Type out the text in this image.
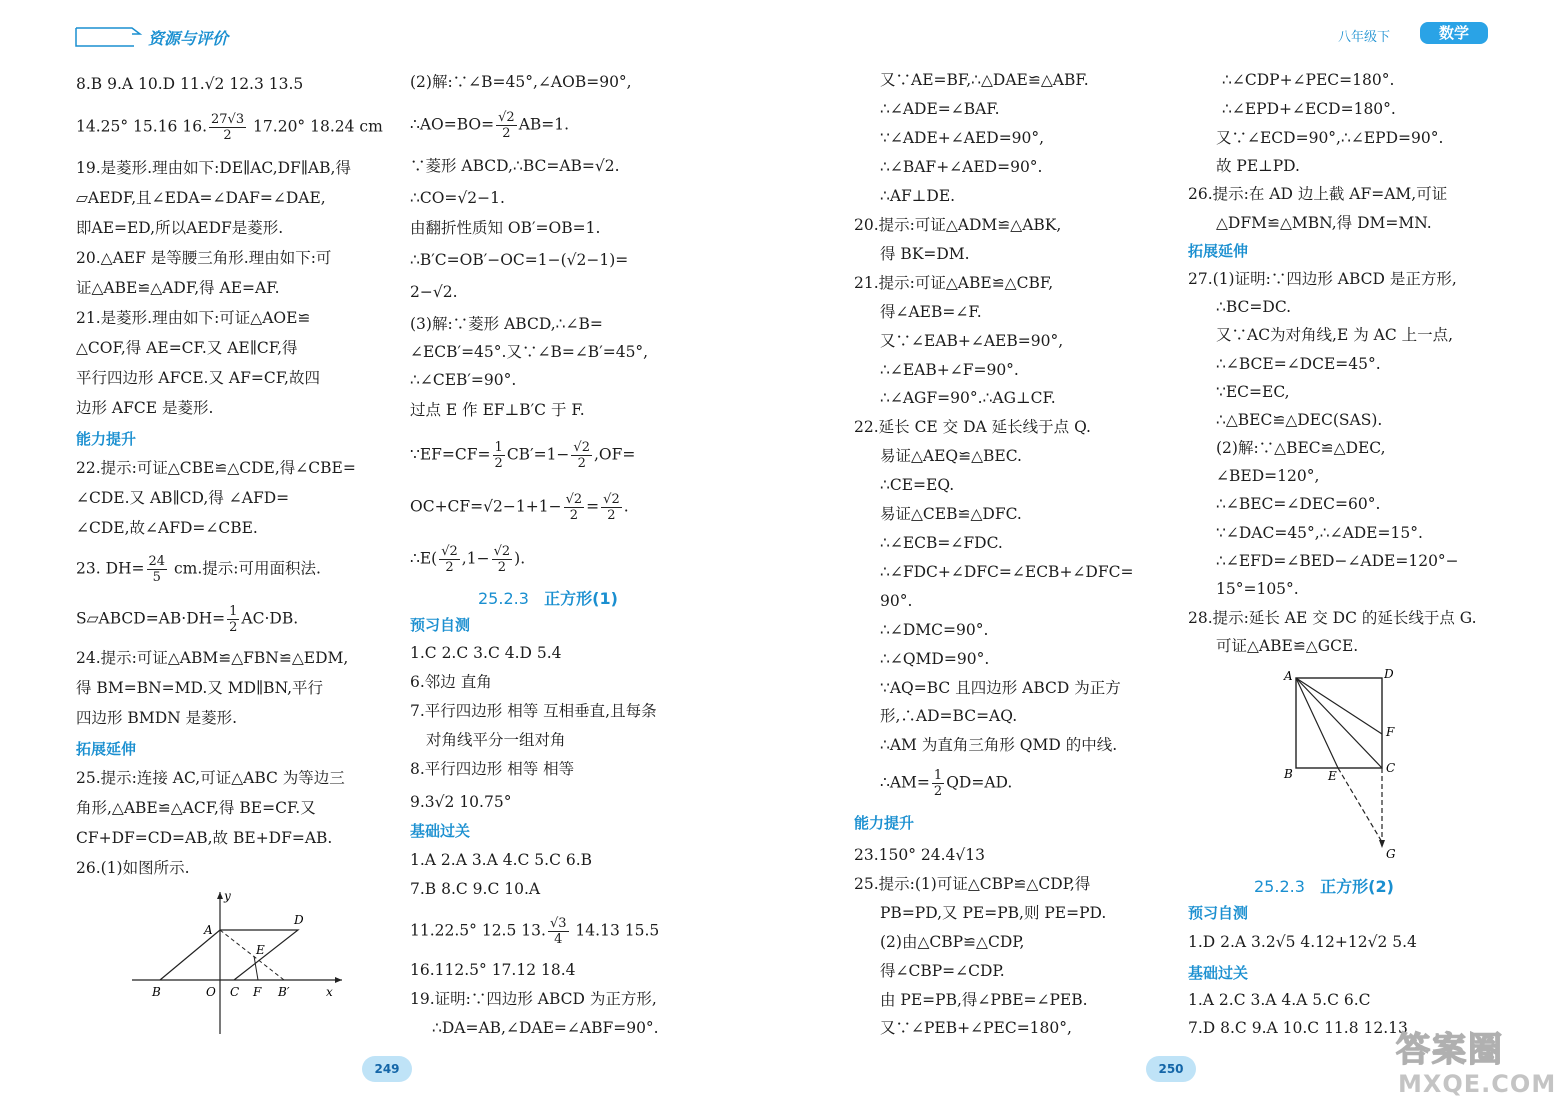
资源与评价	八年级下	数学
8.B 9.A 10.D 11.√2 12.3 13.5
14.25° 15.16 16. $\frac{27√3}{2} 17.20^\circ$ 18.24 cm
19.是菱形.理由如下:DE∥AC,DF∥AB,得
▱AEDF,且∠EDA=∠DAF=∠DAE,
即AE=ED,所以AEDF是菱形.
20.△AEF 是等腰三角形.理由如下:可
证△ABE≌△ADF,得 AE=AF.
21.是菱形.理由如下:可证△AOE≌
△COF,得 AE=CF.又 AE∥CF,得
平行四边形 AFCE.又 AF=CF,故四
边形 AFCE 是菱形.
能力提升
22.提示:可证△CBE≌△CDE,得∠CBE=
∠CDE.又 AB∥CD,得 ∠AFD=
∠CDE,故∠AFD=∠CBE.
23. $DH= \frac{24}{5}$ cm.提示:可用面积法.
S▱ABCD=AB·DH= $\frac{1}{2} AC\cdot DB$.
24.提示:可证△ABM≌△FBN≌△EDM,
得 BM=BN=MD.又 MD∥BN,平行
四边形 BMDN 是菱形.
拓展延伸
25.提示:连接 AC,可证△ABC 为等边三
角形,△ABE≌△ACF,得 BE=CF.又
CF+DF=CD=AB,故 BE+DF=AB.
26.(1)如图所示.
y
x
A
D
E
B	O C F B′
(2)解:∵∠B=45°,∠AOB=90°,
∴AO=BO= $\frac{√2}{2} AB=1$.
∵菱形 ABCD,∴BC=AB=√2.
∴CO=√2−1.
由翻折性质知 OB′=OB=1.
∴B′C=OB′−OC=1−(√2−1)=
2−√2.
(3)解:∵菱形 ABCD,∴∠B=
∠ECB′=45°.又∵∠B=∠B′=45°,
∴∠CEB′=90°.
过点 E 作 EF⊥B′C 于 F.
∵EF=CF= $\frac{1}{2} CB'=1- \frac{√2}{2} ,OF=$
$OC+CF=√2-1+1- \frac{√2}{2} = \frac{√2}{2}$ .
∴E( $\frac{√2}{2} ,1- \frac{√2}{2}$ ).
25.2.3 正方形(1)
预习自测
1.C 2.C 3.C 4.D 5.4
6.邻边 直角
7.平行四边形 相等 互相垂直,且每条
对角线平分一组对角
8.平行四边形 相等 相等
9.3√2 10.75°
基础过关
1.A 2.A 3.A 4.C 5.C 6.B
7.B 8.C 9.C 10.A
11.22.5° 12.5 13. $\frac{√3}{4} 14.13$ 15.5
16.112.5° 17.12 18.4
19.证明:∵四边形 ABCD 为正方形,
∴DA=AB,∠DAE=∠ABF=90°.
又∵AE=BF,∴△DAE≌△ABF.
∴∠ADE=∠BAF.
∵∠ADE+∠AED=90°,
∴∠BAF+∠AED=90°.
∴AF⊥DE.
20.提示:可证△ADM≌△ABK,
得 BK=DM.
21.提示:可证△ABE≌△CBF,
得∠AEB=∠F.
又∵∠EAB+∠AEB=90°,
∴∠EAB+∠F=90°.
∴∠AGF=90°.∴AG⊥CF.
22.延长 CE 交 DA 延长线于点 Q.
易证△AEQ≌△BEC.
∴CE=EQ.
易证△CEB≌△DFC.
∴∠ECB=∠FDC.
∴∠FDC+∠DFC=∠ECB+∠DFC=
90°.
∴∠DMC=90°.
∴∠QMD=90°.
∵AQ=BC 且四边形 ABCD 为正方
形,∴AD=BC=AQ.
∴AM 为直角三角形 QMD 的中线.
∴AM= $\frac{1}{2} QD=AD$.
能力提升
23.150° 24.4√13
25.提示:(1)可证△CBP≌△CDP,得
PB=PD,又 PE=PB,则 PE=PD.
(2)由△CBP≌△CDP,
得∠CBP=∠CDP.
由 PE=PB,得∠PBE=∠PEB.
又∵∠PEB+∠PEC=180°,
∴∠CDP+∠PEC=180°.
∴∠EPD+∠ECD=180°.
又∵∠ECD=90°,∴∠EPD=90°.
故 PE⊥PD.
26.提示:在 AD 边上截 AF=AM,可证
△DFM≌△MBN,得 DM=MN.
拓展延伸
27.(1)证明:∵四边形 ABCD 是正方形,
∴BC=DC.
又∵AC为对角线,E 为 AC 上一点,
∴∠BCE=∠DCE=45°.
∵EC=EC,
∴△BEC≌△DEC(SAS).
(2)解:∵△BEC≌△DEC,
∠BED=120°,
∴∠BEC=∠DEC=60°.
∵∠DAC=45°,∴∠ADE=15°.
∴∠EFD=∠BED−∠ADE=120°−
15°=105°.
28.提示:延长 AE 交 DC 的延长线于点 G.
可证△ABE≌△GCE.
25.2.3 正方形(2)
预习自测
1.D 2.A 3.2√5 4.12+12√2 5.4
基础过关
1.A 2.C 3.A 4.A 5.C 6.C
7.D 8.C 9.A 10.C 11.8 12.13
A	D
F
B	E
C
G
249	250	答案圈
MXQE.COM
